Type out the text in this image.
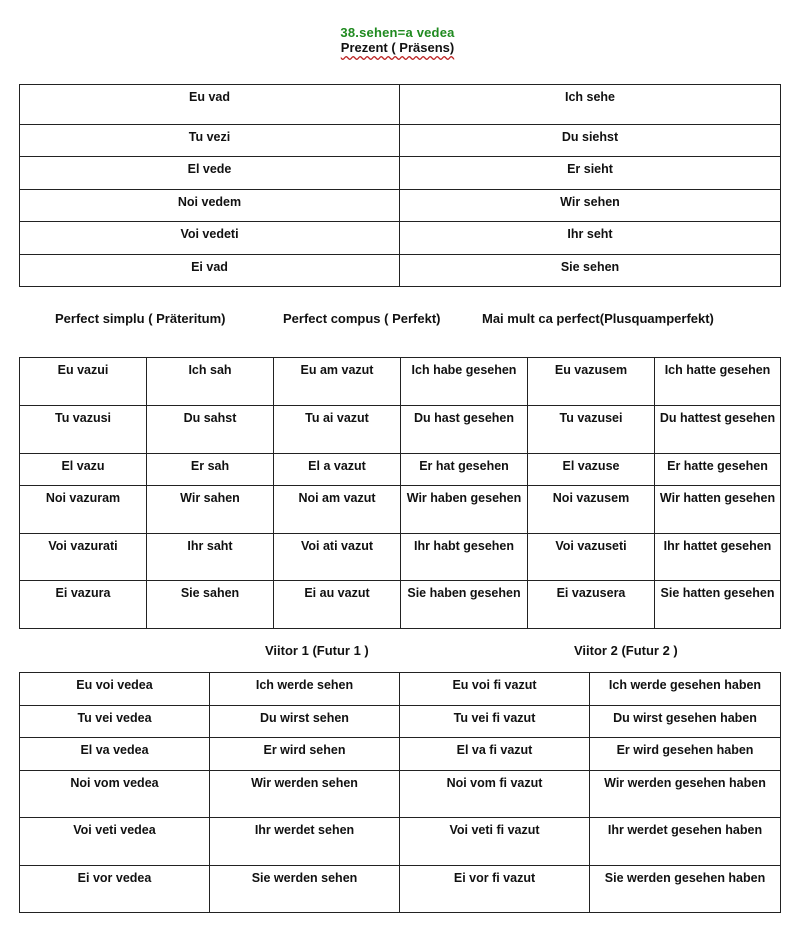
38.sehen=a vedea
Prezent ( Präsens)
Eu vad	Ich sehe
Tu vezi	Du siehst
El vede	Er sieht
Noi vedem	Wir sehen
Voi vedeti	Ihr seht
Ei vad	Sie sehen
Perfect simplu ( Präteritum)	Perfect compus ( Perfekt)	Mai mult ca perfect(Plusquamperfekt)
Eu vazui	Ich sah	Eu am vazut	Ich habe gesehen	Eu vazusem	Ich hatte gesehen
Tu vazusi	Du sahst	Tu ai vazut	Du hast gesehen	Tu vazusei	Du hattest gesehen
El vazu	Er sah	El a vazut	Er hat gesehen	El vazuse	Er hatte gesehen
Noi vazuram	Wir sahen	Noi am vazut	Wir haben gesehen	Noi vazusem	Wir hatten gesehen
Voi vazurati	Ihr saht	Voi ati vazut	Ihr habt gesehen	Voi vazuseti	Ihr hattet gesehen
Ei vazura	Sie sahen	Ei au vazut	Sie haben gesehen	Ei vazusera	Sie hatten gesehen
Viitor 1 (Futur 1 )	Viitor 2 (Futur 2 )
Eu voi vedea	Ich werde sehen	Eu voi fi vazut	Ich werde gesehen haben
Tu vei vedea	Du wirst sehen	Tu vei fi vazut	Du wirst gesehen haben
El va vedea	Er wird sehen	El va fi vazut	Er wird gesehen haben
Noi vom vedea	Wir werden sehen	Noi vom fi vazut	Wir werden gesehen haben
Voi veti vedea	Ihr werdet sehen	Voi veti fi vazut	Ihr werdet gesehen haben
Ei vor vedea	Sie werden sehen	Ei vor fi vazut	Sie werden gesehen haben
